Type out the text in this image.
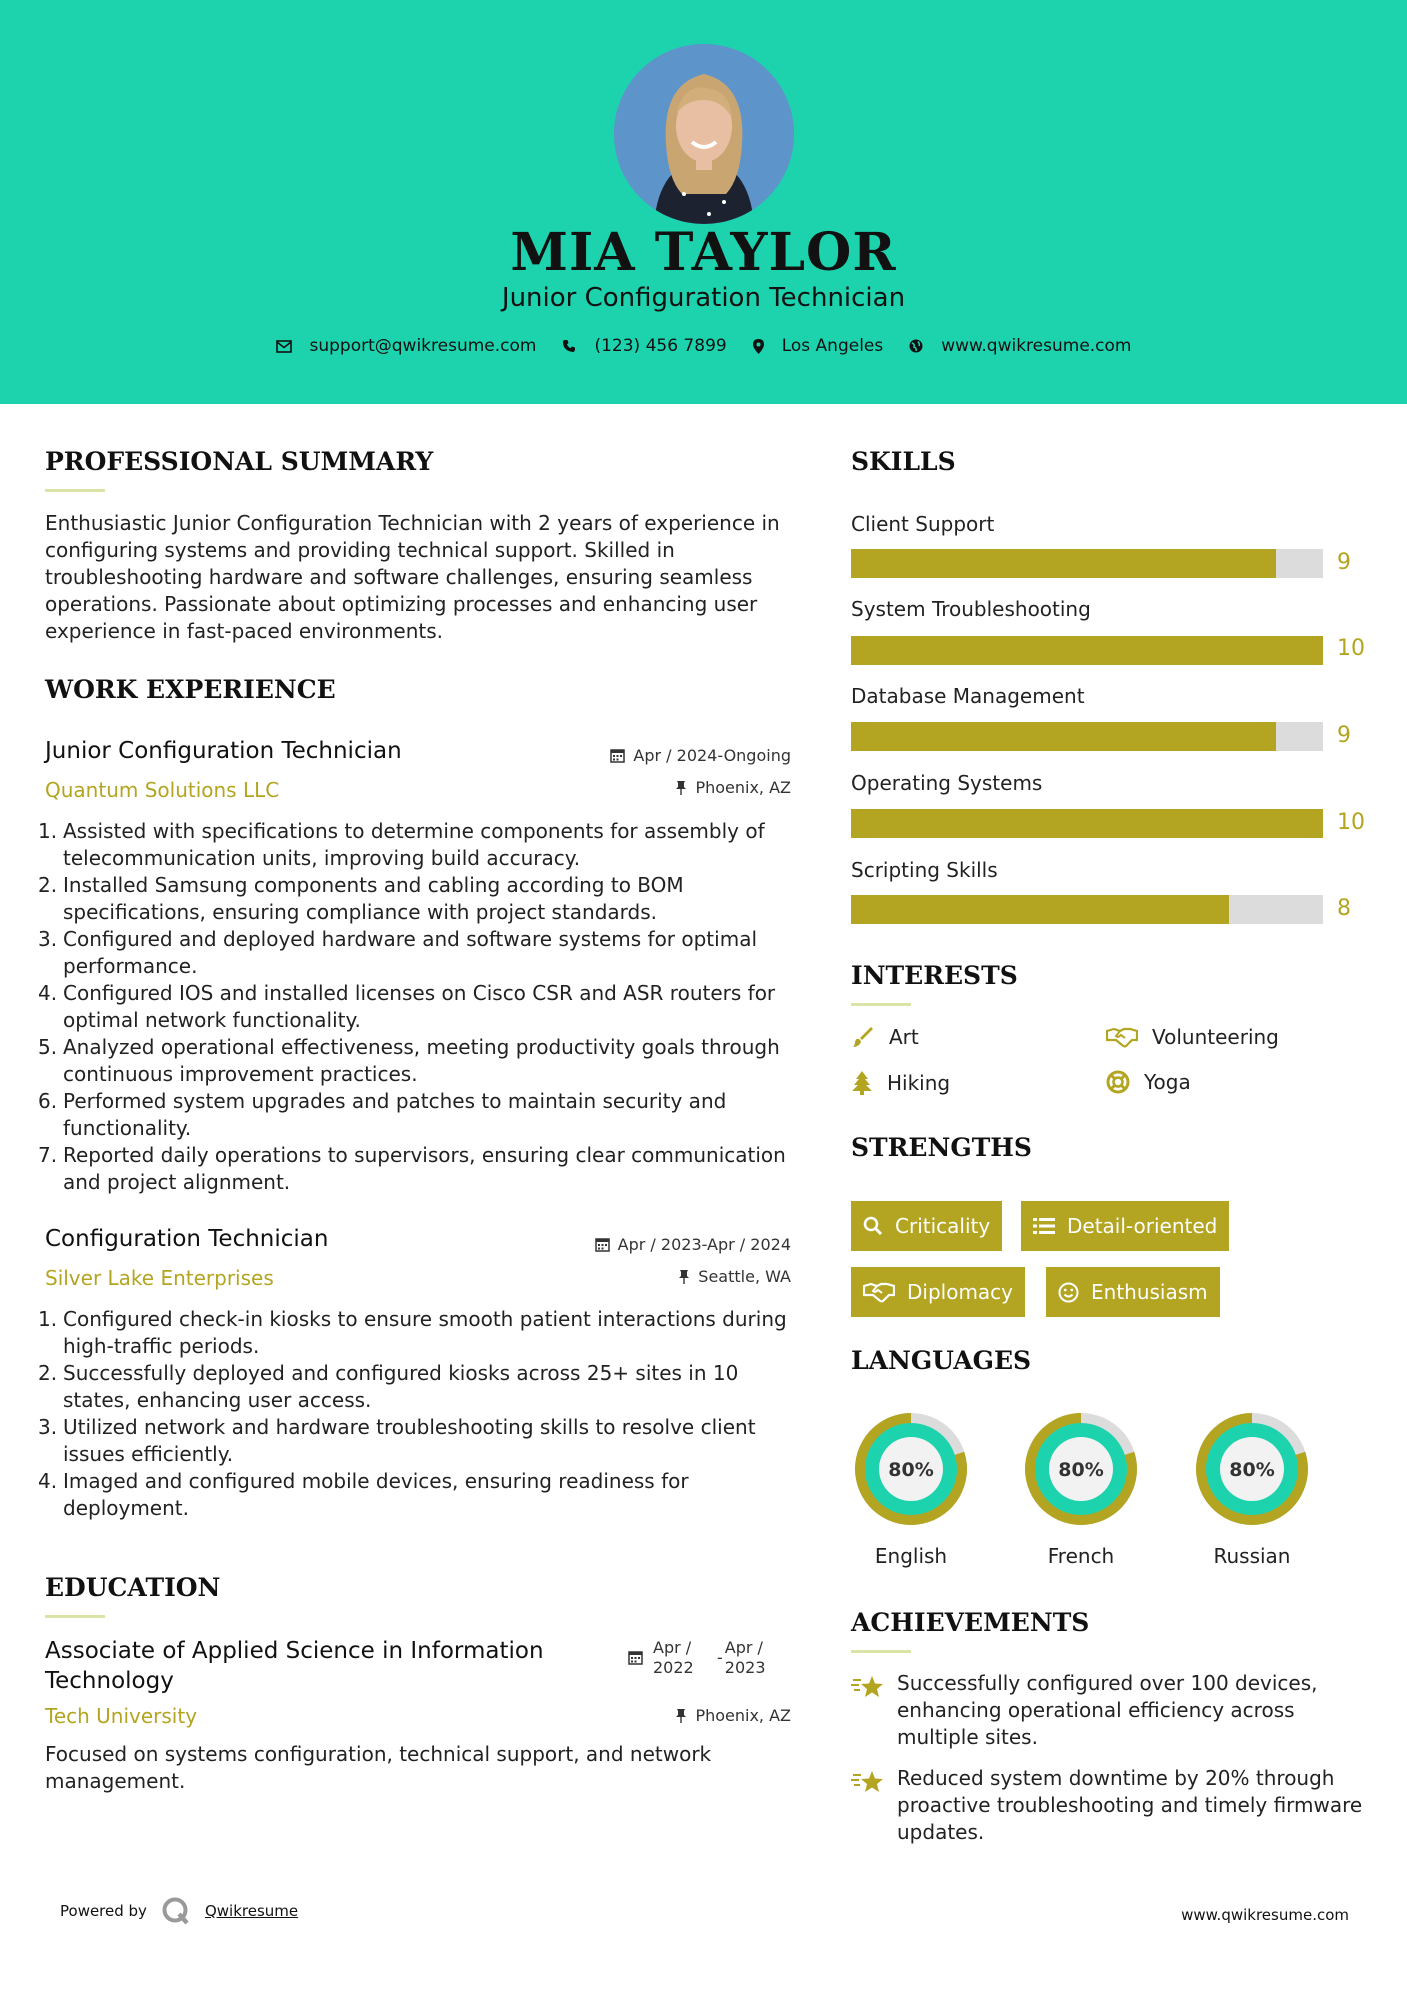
MIA TAYLOR
Junior Configuration Technician
support@qwikresume.com	(123) 456 7899	Los Angeles	www.qwikresume.com
PROFESSIONAL SUMMARY
Enthusiastic Junior Configuration Technician with 2 years of experience in configuring systems and providing technical support. Skilled in troubleshooting hardware and software challenges, ensuring seamless operations. Passionate about optimizing processes and enhancing user experience in fast-paced environments.
WORK EXPERIENCE
Junior Configuration Technician
Quantum Solutions LLC
Apr / 2024-Ongoing
Phoenix, AZ
1. Assisted with specifications to determine components for assembly of telecommunication units, improving build accuracy.
2. Installed Samsung components and cabling according to BOM specifications, ensuring compliance with project standards.
3. Configured and deployed hardware and software systems for optimal performance.
4. Configured IOS and installed licenses on Cisco CSR and ASR routers for optimal network functionality.
5. Analyzed operational effectiveness, meeting productivity goals through continuous improvement practices.
6. Performed system upgrades and patches to maintain security and functionality.
7. Reported daily operations to supervisors, ensuring clear communication and project alignment.
Configuration Technician
Silver Lake Enterprises
Apr / 2023-Apr / 2024
Seattle, WA
1. Configured check-in kiosks to ensure smooth patient interactions during high-traffic periods.
2. Successfully deployed and configured kiosks across 25+ sites in 10 states, enhancing user access.
3. Utilized network and hardware troubleshooting skills to resolve client issues efficiently.
4. Imaged and configured mobile devices, ensuring readiness for deployment.
EDUCATION
Associate of Applied Science in Information Technology
Apr / 2022
-
Apr / 2023
Tech University	Phoenix, AZ
Focused on systems configuration, technical support, and network management.
SKILLS
Client Support
9
System Troubleshooting
10
Database Management
9
Operating Systems
10
Scripting Skills
8
INTERESTS
Art	Volunteering
Hiking	Yoga
STRENGTHS
Criticality	Detail-oriented
Diplomacy	Enthusiasm
LANGUAGES
80%
English
80%
French
80%
Russian
ACHIEVEMENTS
Successfully configured over 100 devices, enhancing operational efficiency across multiple sites.
Reduced system downtime by 20% through proactive troubleshooting and timely firmware updates.
Powered by	Qwikresume	www.qwikresume.com
